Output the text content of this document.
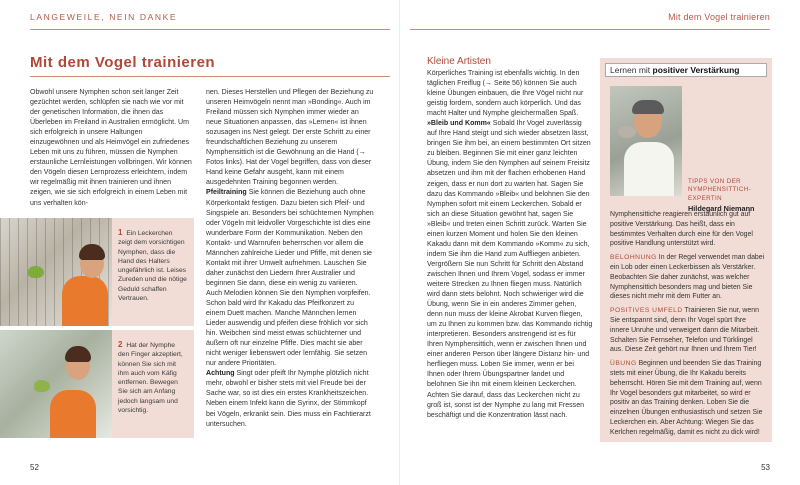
LANGEWEILE, NEIN DANKE
Mit dem Vogel trainieren

Obwohl unsere Nymphen schon seit langer Zeit gezüchtet werden, schlüpfen sie nach wie vor mit der genetischen Information, die ihnen das Überleben im Freiland in Australien ermöglicht. Um sich erfolgreich in unsere Haltungen einzugewöhnen und als Heimvögel ein zufriedenes Leben mit uns zu führen, müssen die Nymphen erstaunliche Lernleistungen vollbringen. Wir können den Vögeln diesen Lernprozess erleichtern, indem wir regelmäßig mit ihnen trainieren und ihnen zeigen, wie sie sich erfolgreich in einem Leben mit uns verhalten kön-

nen. Dieses Herstellen und Pflegen der Beziehung zu unseren Heimvögeln nennt man »Bonding«. Auch im Freiland müssen sich Nymphen immer wieder an neue Situationen anpassen, das »Lernen« ist ihnen sozusagen ins Nest gelegt. Der erste Schritt zu einer freundschaftlichen Beziehung zu unserem Nymphensittich ist die Gewöhnung an die Hand (→ Fotos links). Hat der Vogel begriffen, dass von dieser Hand keine Gefahr ausgeht, kann mit einem ausgedehnten Training begonnen werden.

Pfeiltraining Sie können die Beziehung auch ohne Körperkontakt festigen. Dazu bieten sich Pfeif- und Singspiele an. Besonders bei schüchternen Nymphen oder Vögeln mit leidvoller Vorgeschichte ist dies eine wunderbare Form der Kommunikation. Neben den Kontakt- und Warnrufen beherrschen vor allem die Männchen zahlreiche Lieder und Pfiffe, mit denen sie Kontakt mit ihrer Umwelt aufnehmen. Lauschen Sie daher zunächst den Liedern Ihrer Australier und beginnen Sie dann, diese ein wenig zu variieren. Auch Melodien können Sie den Nymphen vorpfeifen. Schon bald wird Ihr Kakadu das Pfeifkonzert zu einem Duett machen. Manche Männchen lernen Lieder auswendig und pfeifen diese fröhlich vor sich hin. Weibchen sind meist etwas schüchterner und äußern oft nur einzelne Pfiffe. Dies macht sie aber nicht weniger liebenswert oder lernfähig. Sie setzen nur andere Prioritäten.

Achtung Singt oder pfeift Ihr Nymphe plötzlich nicht mehr, obwohl er bisher stets mit viel Freude bei der Sache war, so ist dies ein erstes Krankheitszeichen. Neben einem Infekt kann die Syrinx, der Stimmkopf bei Vögeln, erkrankt sein. Dies muss ein Fachtierarzt untersuchen.

1 Ein Leckerchen zeigt dem vorsichtigen Nymphen, dass die Hand des Halters ungefährlich ist. Leises Zureden und die nötige Geduld schaffen Vertrauen.
2 Hat der Nymphe den Finger akzeptiert, können Sie sich mit ihm auch vom Käfig entfernen. Bewegen Sie sich am Anfang jedoch langsam und vorsichtig.
52
Mit dem Vogel trainieren
53
Kleine Artisten

Körperliches Training ist ebenfalls wichtig. In den täglichen Freiflug (→ Seite 56) können Sie auch kleine Übungen einbauen, die Ihre Vögel nicht nur geistig fordern, sondern auch körperlich. Und das macht Halter und Nymphe gleichermaßen Spaß.

»Bleib und Komm« Sobald Ihr Vogel zuverlässig auf Ihre Hand steigt und sich wieder absetzen lässt, bringen Sie ihm bei, an einem bestimmten Ort sitzen zu bleiben. Beginnen Sie mit einer ganz leichten Übung, indem Sie den Nymphen auf seinem Freisitz absetzen und ihm mit der flachen erhobenen Hand zeigen, dass er nun dort zu warten hat. Sagen Sie dazu das Kommando »Bleib« und belohnen Sie den Nymphen sofort mit einem Leckerchen. Sobald er sich an diese Situation gewöhnt hat, sagen Sie »Bleib« und treten einen Schritt zurück. Warten Sie einen kurzen Moment und holen Sie den kleinen Kakadu dann mit dem Kommando »Komm« zu sich, indem Sie ihm die Hand zum Auffliegen anbieten. Vergrößern Sie nun Schritt für Schritt den Abstand zwischen Ihnen und Ihrem Vogel, sodass er immer weitere Strecken zu Ihnen fliegen muss. Natürlich wird dann stets belohnt. Noch schwieriger wird die Übung, wenn Sie in ein anderes Zimmer gehen, denn nun muss der kleine Akrobat Kurven fliegen, um zu Ihnen zu kommen bzw. das Kommando richtig interpretieren. Besonders anstrengend ist es für Ihren Nymphensittich, wenn er zwischen Ihnen und einer anderen Person über längere Distanz hin- und herfliegen muss. Loben Sie immer, wenn er bei Ihnen oder Ihrem Übungspartner landet und belohnen Sie ihn mit einem kleinen Leckerchen. Achten Sie darauf, dass das Leckerchen nicht zu groß ist, sonst ist der Nymphe zu lang mit Fressen beschäftigt und die Konzentration lässt nach.

Lernen mit positiver Verstärkung
TIPPS VON DER NYMPHENSITTICH-EXPERTIN
Hildegard Niemann

Nymphensittiche reagieren erstaunlich gut auf positive Verstärkung. Das heißt, dass ein bestimmtes Verhalten durch eine für den Vogel positive Handlung unterstützt wird.

BELOHNUNG In der Regel verwendet man dabei ein Lob oder einen Leckerbissen als Verstärker. Beobachten Sie daher zunächst, was welcher Nymphensittich besonders mag und bieten Sie dieses nicht mehr mit dem Futter an.

POSITIVES UMFELD Trainieren Sie nur, wenn Sie entspannt sind, denn Ihr Vogel spürt Ihre innere Unruhe und verweigert dann die Mitarbeit. Schalten Sie Fernseher, Telefon und Türklingel aus. Diese Zeit gehört nur Ihnen und Ihrem Tier!

ÜBUNG Beginnen und beenden Sie das Training stets mit einer Übung, die Ihr Kakadu bereits beherrscht. Hören Sie mit dem Training auf, wenn Ihr Vogel besonders gut mitarbeitet, so wird er positiv an das Training denken. Loben Sie die einzelnen Übungen enthusiastisch und setzen Sie Leckerchen ein. Aber Achtung: Wiegen Sie das Kerlchen regelmäßig, damit es nicht zu dick wird!
